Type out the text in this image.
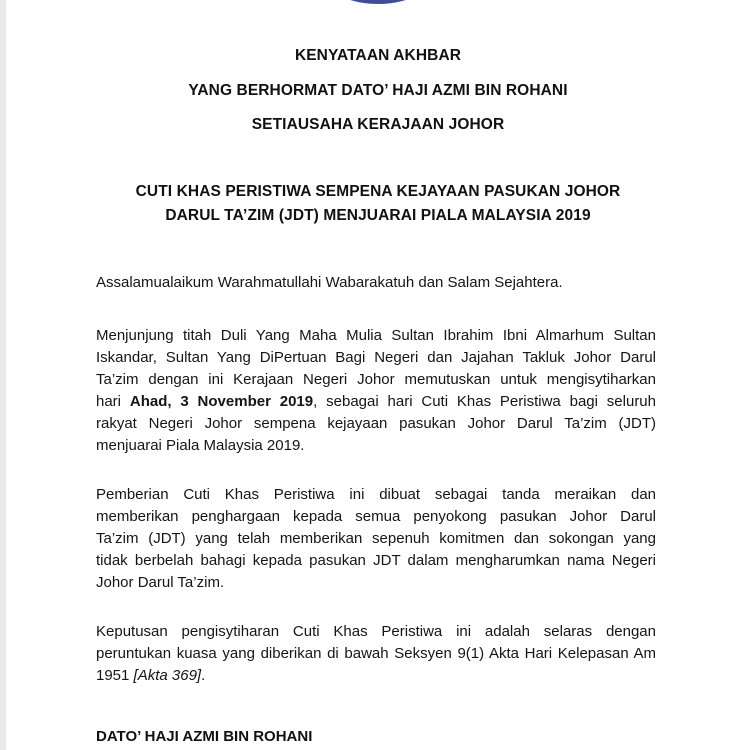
KENYATAAN AKHBAR
YANG BERHORMAT DATO’ HAJI AZMI BIN ROHANI
SETIAUSAHA KERAJAAN JOHOR
CUTI KHAS PERISTIWA SEMPENA KEJAYAAN PASUKAN JOHOR
DARUL TA’ZIM (JDT) MENJUARAI PIALA MALAYSIA 2019
Assalamualaikum Warahmatullahi Wabarakatuh dan Salam Sejahtera.
Menjunjung titah Duli Yang Maha Mulia Sultan Ibrahim Ibni Almarhum Sultan
Iskandar, Sultan Yang DiPertuan Bagi Negeri dan Jajahan Takluk Johor Darul
Ta’zim dengan ini Kerajaan Negeri Johor memutuskan untuk mengisytiharkan
hari Ahad, 3 November 2019, sebagai hari Cuti Khas Peristiwa bagi seluruh
rakyat Negeri Johor sempena kejayaan pasukan Johor Darul Ta’zim (JDT)
menjuarai Piala Malaysia 2019.
Pemberian Cuti Khas Peristiwa ini dibuat sebagai tanda meraikan dan
memberikan penghargaan kepada semua penyokong pasukan Johor Darul
Ta’zim (JDT) yang telah memberikan sepenuh komitmen dan sokongan yang
tidak berbelah bahagi kepada pasukan JDT dalam mengharumkan nama Negeri
Johor Darul Ta’zim.
Keputusan pengisytiharan Cuti Khas Peristiwa ini adalah selaras dengan
peruntukan kuasa yang diberikan di bawah Seksyen 9(1) Akta Hari Kelepasan Am
1951 [Akta 369].
DATO’ HAJI AZMI BIN ROHANI
